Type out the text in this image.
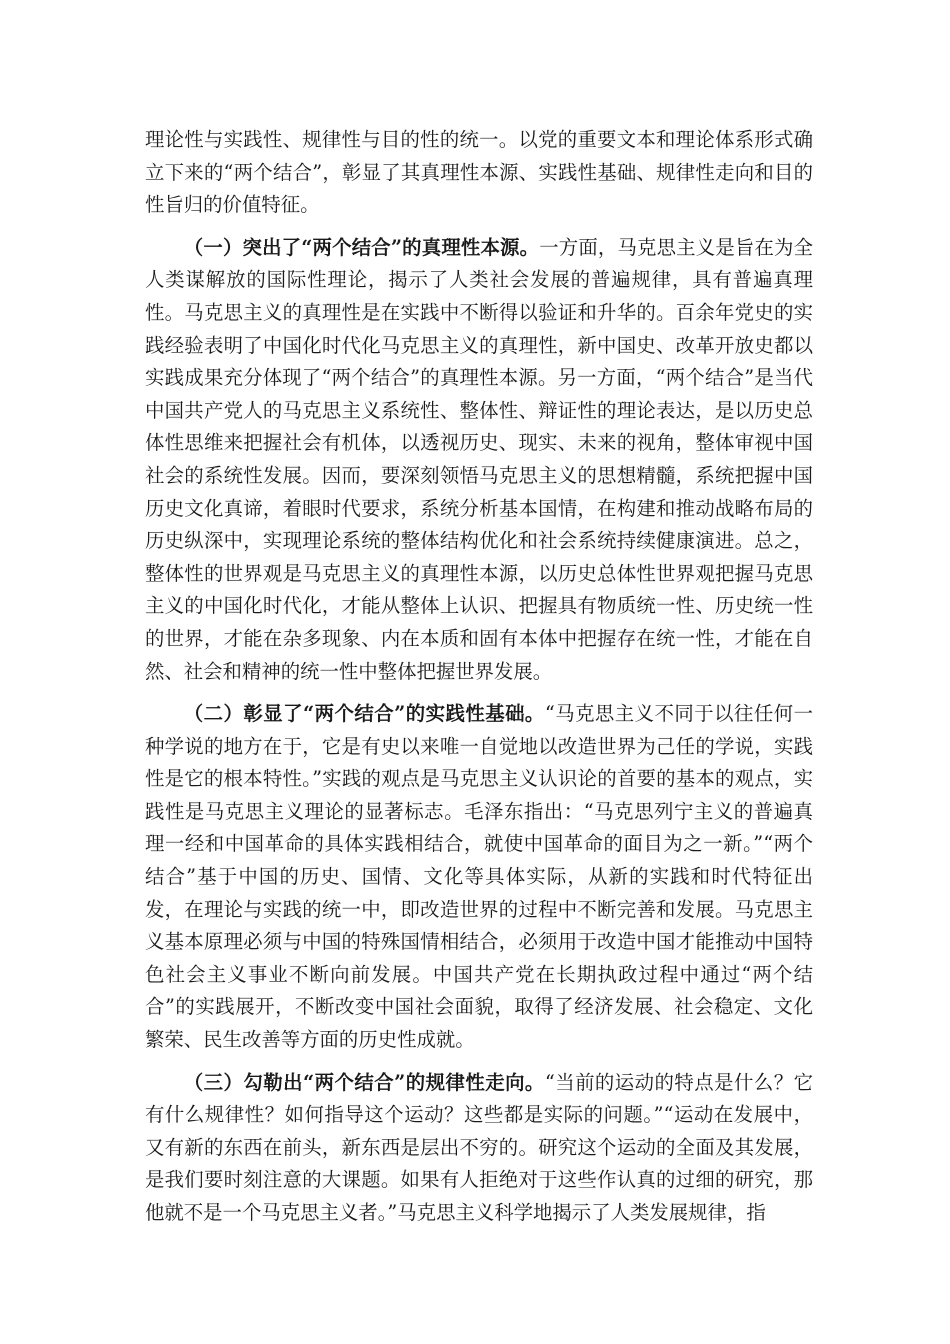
理论性与实践性、规律性与目的性的统一。以党的重要文本和理论体系形式确立下来的“两个结合”，彰显了其真理性本源、实践性基础、规律性走向和目的性旨归的价值特征。

（一）突出了“两个结合”的真理性本源。一方面，马克思主义是旨在为全人类谋解放的国际性理论，揭示了人类社会发展的普遍规律，具有普遍真理性。马克思主义的真理性是在实践中不断得以验证和升华的。百余年党史的实践经验表明了中国化时代化马克思主义的真理性，新中国史、改革开放史都以实践成果充分体现了“两个结合”的真理性本源。另一方面，“两个结合”是当代中国共产党人的马克思主义系统性、整体性、辩证性的理论表达，是以历史总体性思维来把握社会有机体，以透视历史、现实、未来的视角，整体审视中国社会的系统性发展。因而，要深刻领悟马克思主义的思想精髓，系统把握中国历史文化真谛，着眼时代要求，系统分析基本国情，在构建和推动战略布局的历史纵深中，实现理论系统的整体结构优化和社会系统持续健康演进。总之，整体性的世界观是马克思主义的真理性本源，以历史总体性世界观把握马克思主义的中国化时代化，才能从整体上认识、把握具有物质统一性、历史统一性的世界，才能在杂多现象、内在本质和固有本体中把握存在统一性，才能在自然、社会和精神的统一性中整体把握世界发展。

（二）彰显了“两个结合”的实践性基础。“马克思主义不同于以往任何一种学说的地方在于，它是有史以来唯一自觉地以改造世界为己任的学说，实践性是它的根本特性。”实践的观点是马克思主义认识论的首要的基本的观点，实践性是马克思主义理论的显著标志。毛泽东指出：“马克思列宁主义的普遍真理一经和中国革命的具体实践相结合，就使中国革命的面目为之一新。”“两个结合”基于中国的历史、国情、文化等具体实际，从新的实践和时代特征出发，在理论与实践的统一中，即改造世界的过程中不断完善和发展。马克思主义基本原理必须与中国的特殊国情相结合，必须用于改造中国才能推动中国特色社会主义事业不断向前发展。中国共产党在长期执政过程中通过“两个结合”的实践展开，不断改变中国社会面貌，取得了经济发展、社会稳定、文化繁荣、民生改善等方面的历史性成就。

（三）勾勒出“两个结合”的规律性走向。“当前的运动的特点是什么？它有什么规律性？如何指导这个运动？这些都是实际的问题。”“运动在发展中，又有新的东西在前头，新东西是层出不穷的。研究这个运动的全面及其发展，是我们要时刻注意的大课题。如果有人拒绝对于这些作认真的过细的研究，那他就不是一个马克思主义者。”马克思主义科学地揭示了人类发展规律，指
